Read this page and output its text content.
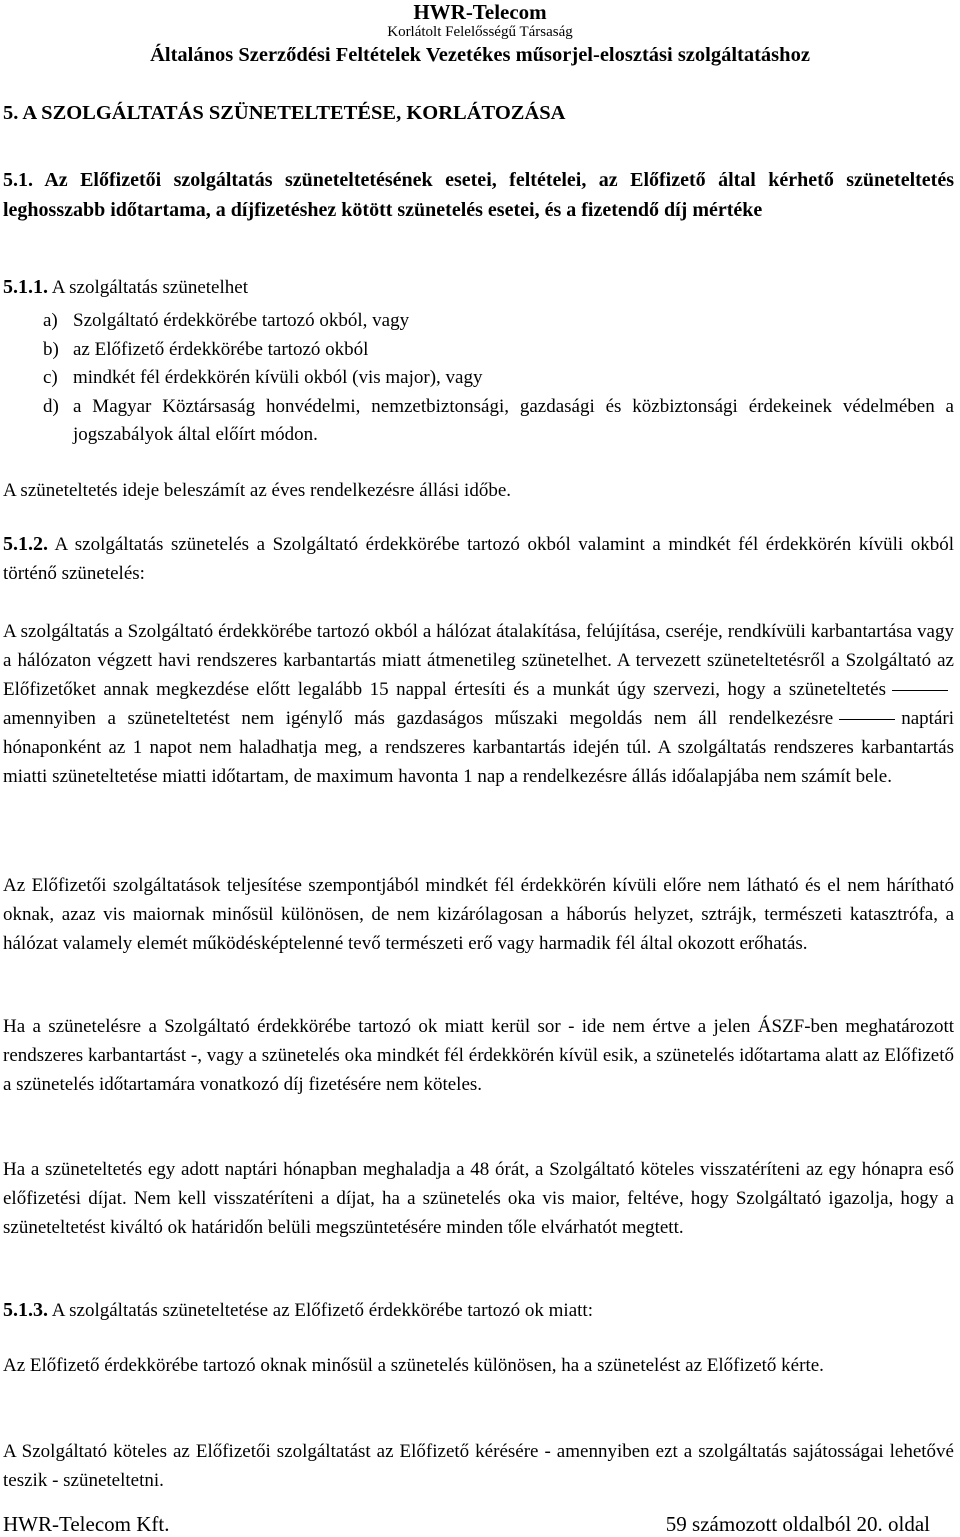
HWR-Telecom
Korlátolt Felelősségű Társaság
Általános Szerződési Feltételek Vezetékes műsorjel-elosztási szolgáltatáshoz
5. A SZOLGÁLTATÁS SZÜNETELTETÉSE, KORLÁTOZÁSA
5.1. Az Előfizetői szolgáltatás szüneteltetésének esetei, feltételei, az Előfizető által kérhető szüneteltetés leghosszabb időtartama, a díjfizetéshez kötött szünetelés esetei, és a fizetendő díj mértéke

5.1.1. A szolgáltatás szünetelhet

a) Szolgáltató érdekkörébe tartozó okból, vagy
b) az Előfizető érdekkörébe tartozó okból
c) mindkét fél érdekkörén kívüli okból (vis major), vagy
d) a Magyar Köztársaság honvédelmi, nemzetbiztonsági, gazdasági és közbiztonsági érdekeinek védelmében a jogszabályok által előírt módon.

A szüneteltetés ideje beleszámít az éves rendelkezésre állási időbe.

5.1.2. A szolgáltatás szünetelés a Szolgáltató érdekkörébe tartozó okból valamint a mindkét fél érdekkörén kívüli okból történő szünetelés:

A szolgáltatás a Szolgáltató érdekkörébe tartozó okból a hálózat átalakítása, felújítása, cseréje, rendkívüli karbantartása vagy a hálózaton végzett havi rendszeres karbantartás miatt átmenetileg szünetelhet. A tervezett szüneteltetésről a Szolgáltató az Előfizetőket annak megkezdése előtt legalább 15 nappal értesíti és a munkát úgy szervezi, hogy a szüneteltetésamennyiben a szüneteltetést nem igénylő más gazdaságos műszaki megoldás nem áll rendelkezésre	naptári hónaponként az 1 napot nem haladhatja meg, a rendszeres karbantartás idején túl. A szolgáltatás rendszeres karbantartás miatti szüneteltetése miatti időtartam, de maximum havonta 1 nap a rendelkezésre állás időalapjába nem számít bele.

Az Előfizetői szolgáltatások teljesítése szempontjából mindkét fél érdekkörén kívüli előre nem látható és el nem hárítható oknak, azaz vis maiornak minősül különösen, de nem kizárólagosan a háborús helyzet, sztrájk, természeti katasztrófa, a hálózat valamely elemét működésképtelenné tevő természeti erő vagy harmadik fél által okozott erőhatás.

Ha a szünetelésre a Szolgáltató érdekkörébe tartozó ok miatt kerül sor - ide nem értve a jelen ÁSZF-ben meghatározott rendszeres karbantartást -, vagy a szünetelés oka mindkét fél érdekkörén kívül esik, a szünetelés időtartama alatt az Előfizető a szünetelés időtartamára vonatkozó díj fizetésére nem köteles.

Ha a szüneteltetés egy adott naptári hónapban meghaladja a 48 órát, a Szolgáltató köteles visszatéríteni az egy hónapra eső előfizetési díjat. Nem kell visszatéríteni a díjat, ha a szünetelés oka vis maior, feltéve, hogy Szolgáltató igazolja, hogy a szüneteltetést kiváltó ok határidőn belüli megszüntetésére minden tőle elvárhatót megtett.

5.1.3. A szolgáltatás szüneteltetése az Előfizető érdekkörébe tartozó ok miatt:

Az Előfizető érdekkörébe tartozó oknak minősül a szünetelés különösen, ha a szünetelést az Előfizető kérte.

A Szolgáltató köteles az Előfizetői szolgáltatást az Előfizető kérésére - amennyiben ezt a szolgáltatás sajátosságai lehetővé teszik - szüneteltetni.

HWR-Telecom Kft.	59 számozott oldalból 20. oldal
